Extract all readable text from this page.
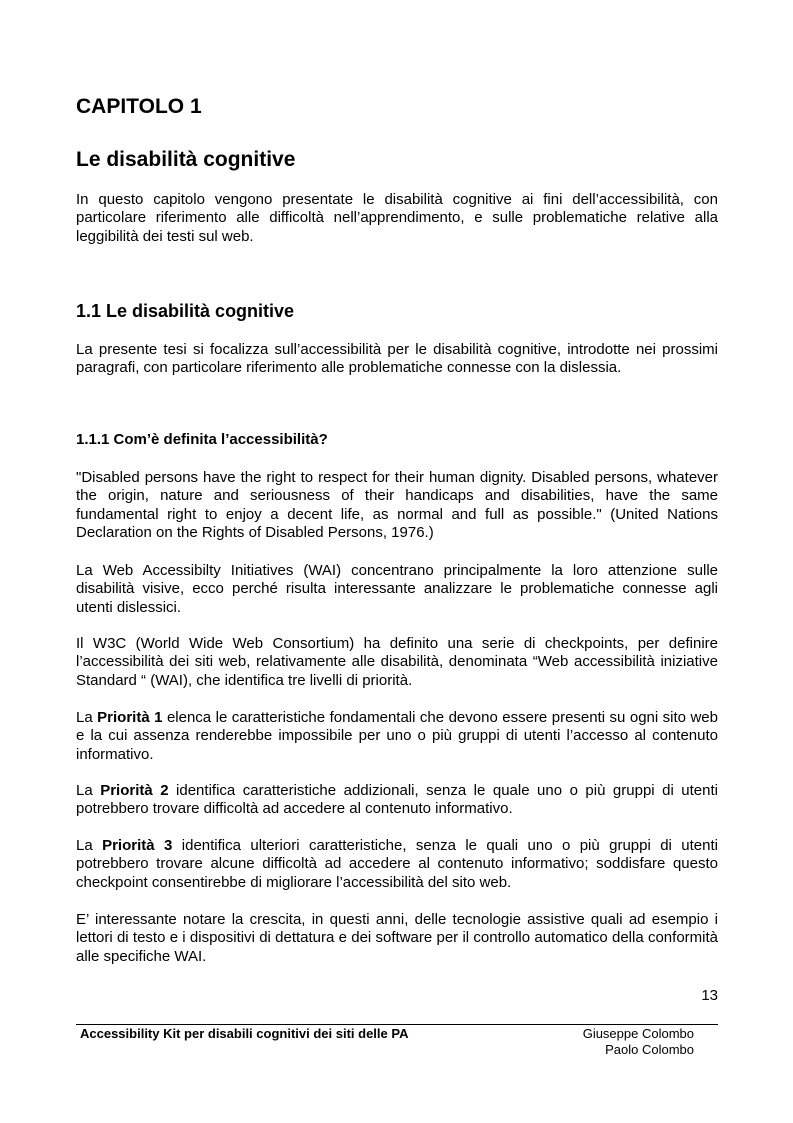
CAPITOLO 1
Le disabilità cognitive

In questo capitolo vengono presentate le disabilità cognitive ai fini dell’accessibilità, con particolare riferimento alle difficoltà nell’apprendimento, e sulle problematiche relative alla leggibilità dei testi sul web.

1.1 Le disabilità cognitive

La presente tesi si focalizza sull’accessibilità per le disabilità cognitive, introdotte nei prossimi paragrafi, con particolare riferimento alle problematiche connesse con la dislessia.

1.1.1 Com’è definita l’accessibilità?

"Disabled persons have the right to respect for their human dignity. Disabled persons, whatever the origin, nature and seriousness of their handicaps and disabilities, have the same fundamental right to enjoy a decent life, as normal and full as possible." (United Nations Declaration on the Rights of Disabled Persons, 1976.)

La Web Accessibilty Initiatives (WAI) concentrano principalmente la loro attenzione sulle disabilità visive, ecco perché risulta interessante analizzare le problematiche connesse agli utenti dislessici.

Il W3C (World Wide Web Consortium) ha definito una serie di checkpoints, per definire l’accessibilità dei siti web, relativamente alle disabilità, denominata “Web accessibilità iniziative Standard “ (WAI), che identifica tre livelli di priorità.

La Priorità 1 elenca le caratteristiche fondamentali che devono essere presenti su ogni sito web e la cui assenza renderebbe impossibile per uno o più gruppi di utenti l’accesso al contenuto informativo.

La Priorità 2 identifica caratteristiche addizionali, senza le quale uno o più gruppi di utenti potrebbero trovare difficoltà ad accedere al contenuto informativo.

La Priorità 3 identifica ulteriori caratteristiche, senza le quali uno o più gruppi di utenti potrebbero trovare alcune difficoltà ad accedere al contenuto informativo; soddisfare questo checkpoint consentirebbe di migliorare l’accessibilità del sito web.

E’ interessante notare la crescita, in questi anni, delle tecnologie assistive quali ad esempio i lettori di testo e i dispositivi di dettatura e dei software per il controllo automatico della conformità alle specifiche WAI.

13
Accessibility Kit per disabili cognitivi dei siti delle PA	Giuseppe Colombo
Paolo Colombo
